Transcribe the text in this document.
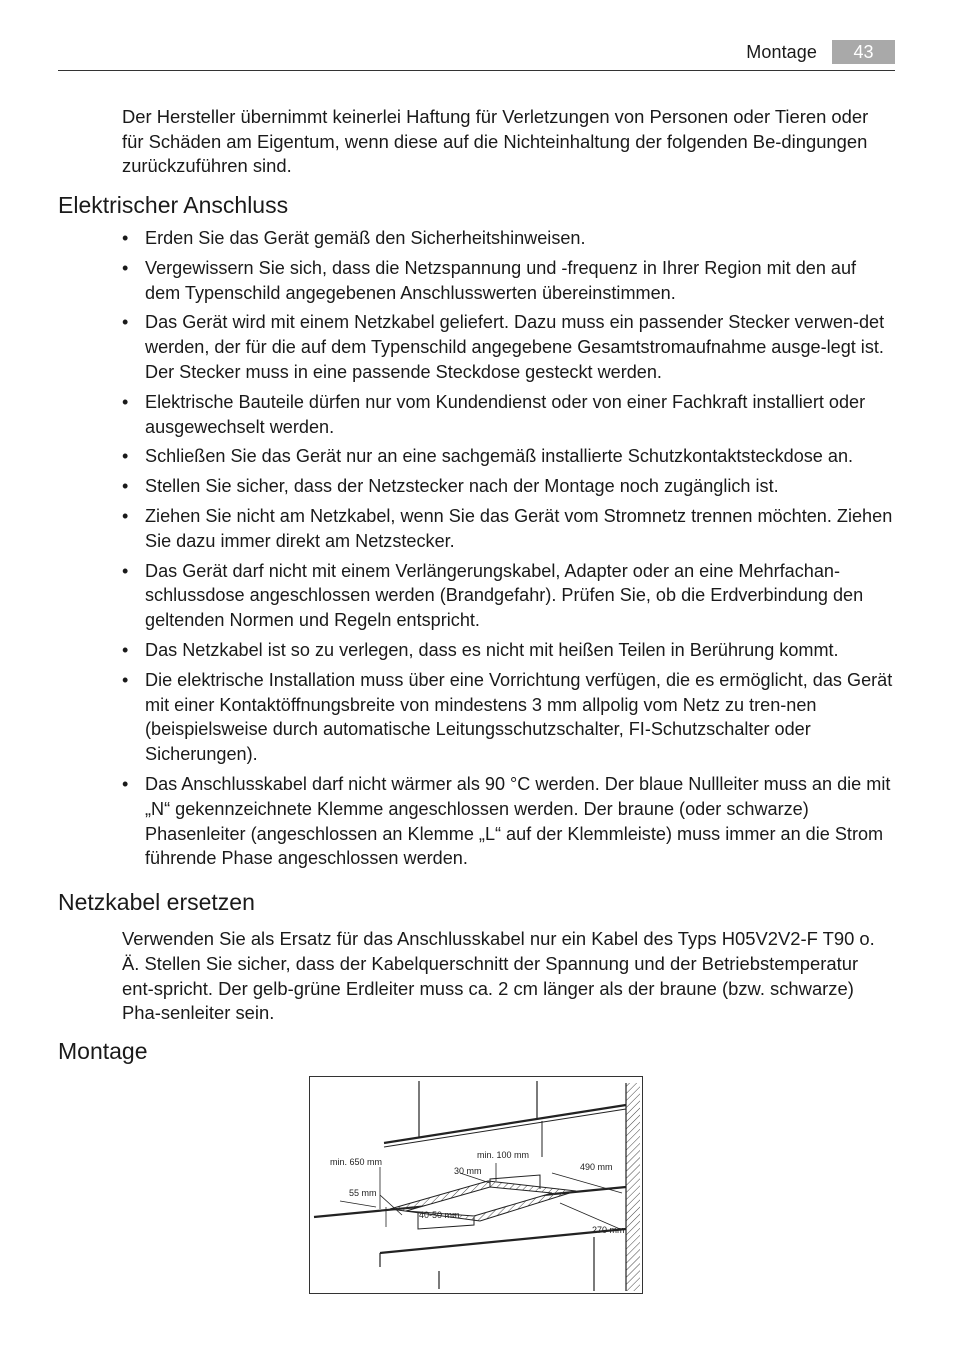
Montage	43

Der Hersteller übernimmt keinerlei Haftung für Verletzungen von Personen oder Tieren oder für Schäden am Eigentum, wenn diese auf die Nichteinhaltung der folgenden Be-dingungen zurückzuführen sind.

Elektrischer Anschluss
• Erden Sie das Gerät gemäß den Sicherheitshinweisen.
• Vergewissern Sie sich, dass die Netzspannung und -frequenz in Ihrer Region mit den auf dem Typenschild angegebenen Anschlusswerten übereinstimmen.
• Das Gerät wird mit einem Netzkabel geliefert. Dazu muss ein passender Stecker verwen-det werden, der für die auf dem Typenschild angegebene Gesamtstromaufnahme ausge-legt ist. Der Stecker muss in eine passende Steckdose gesteckt werden.
• Elektrische Bauteile dürfen nur vom Kundendienst oder von einer Fachkraft installiert oder ausgewechselt werden.
• Schließen Sie das Gerät nur an eine sachgemäß installierte Schutzkontaktsteckdose an.
• Stellen Sie sicher, dass der Netzstecker nach der Montage noch zugänglich ist.
• Ziehen Sie nicht am Netzkabel, wenn Sie das Gerät vom Stromnetz trennen möchten. Ziehen Sie dazu immer direkt am Netzstecker.
• Das Gerät darf nicht mit einem Verlängerungskabel, Adapter oder an eine Mehrfachan-schlussdose angeschlossen werden (Brandgefahr). Prüfen Sie, ob die Erdverbindung den geltenden Normen und Regeln entspricht.
• Das Netzkabel ist so zu verlegen, dass es nicht mit heißen Teilen in Berührung kommt.
• Die elektrische Installation muss über eine Vorrichtung verfügen, die es ermöglicht, das Gerät mit einer Kontaktöffnungsbreite von mindestens 3 mm allpolig vom Netz zu tren-nen (beispielsweise durch automatische Leitungsschutzschalter, FI-Schutzschalter oder Sicherungen).
• Das Anschlusskabel darf nicht wärmer als 90 °C werden. Der blaue Nullleiter muss an die mit „N“ gekennzeichnete Klemme angeschlossen werden. Der braune (oder schwarze) Phasenleiter (angeschlossen an Klemme „L“ auf der Klemmleiste) muss immer an die Strom führende Phase angeschlossen werden.
Netzkabel ersetzen

Verwenden Sie als Ersatz für das Anschlusskabel nur ein Kabel des Typs H05V2V2-F T90 o. Ä. Stellen Sie sicher, dass der Kabelquerschnitt der Spannung und der Betriebstemperatur ent-spricht. Der gelb-grüne Erdleiter muss ca. 2 cm länger als der braune (bzw. schwarze) Pha-senleiter sein.

Montage
min. 650 mm
min. 100 mm
30 mm	490 mm
55 mm
40-50 mm
270 mm
